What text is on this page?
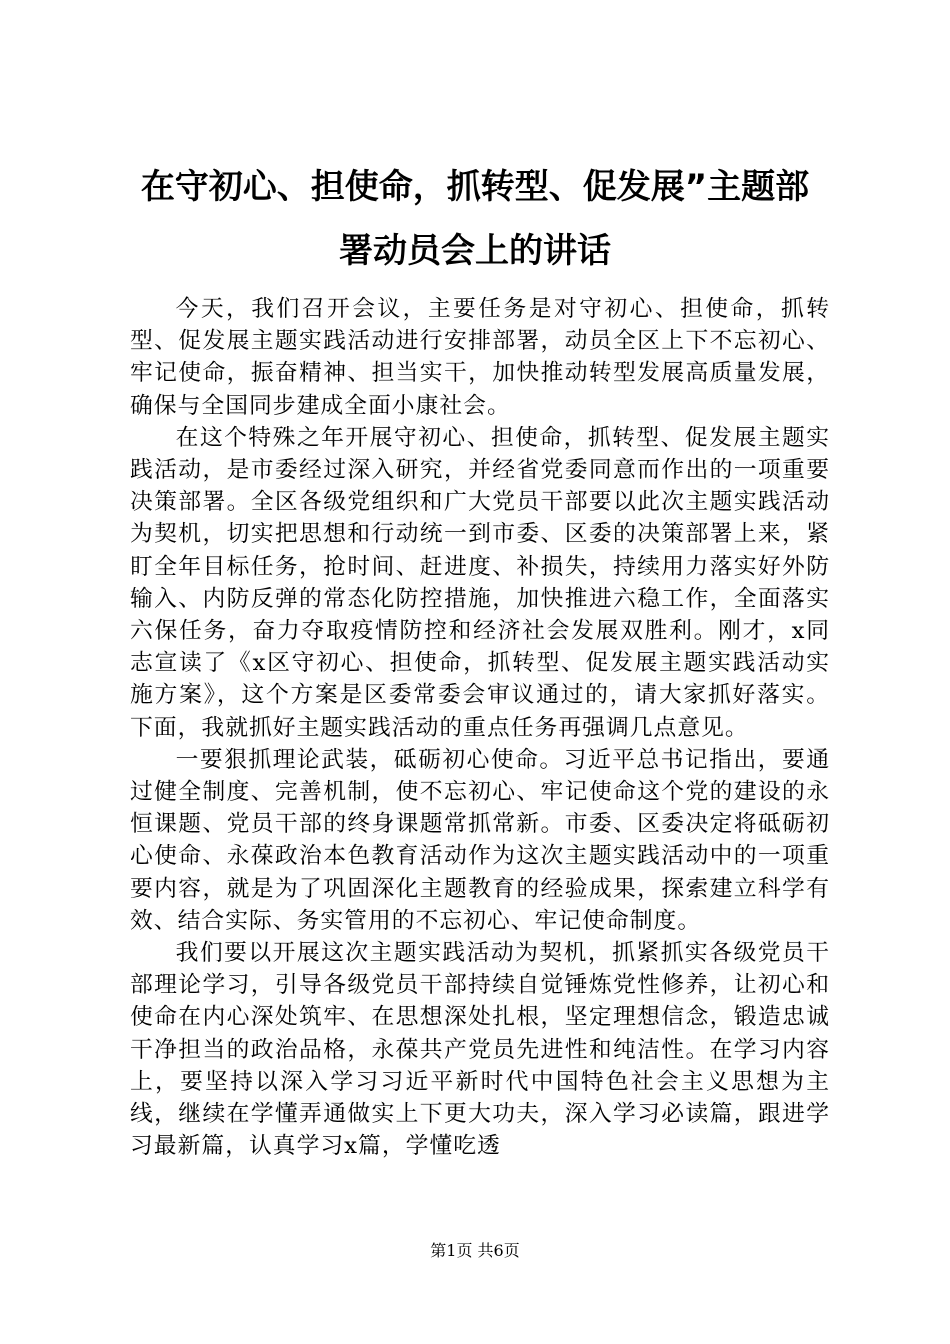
在守初心、担使命，抓转型、促发展”主题部
署动员会上的讲话

今天，我们召开会议，主要任务是对守初心、担使命，抓转型、促发展主题实践活动进行安排部署，动员全区上下不忘初心、牢记使命，振奋精神、担当实干，加快推动转型发展高质量发展，确保与全国同步建成全面小康社会。

在这个特殊之年开展守初心、担使命，抓转型、促发展主题实践活动，是市委经过深入研究，并经省党委同意而作出的一项重要决策部署。全区各级党组织和广大党员干部要以此次主题实践活动为契机，切实把思想和行动统一到市委、区委的决策部署上来，紧盯全年目标任务，抢时间、赶进度、补损失，持续用力落实好外防输入、内防反弹的常态化防控措施，加快推进六稳工作，全面落实六保任务，奋力夺取疫情防控和经济社会发展双胜利。刚才，x同志宣读了《x区守初心、担使命，抓转型、促发展主题实践活动实施方案》，这个方案是区委常委会审议通过的，请大家抓好落实。下面，我就抓好主题实践活动的重点任务再强调几点意见。

一要狠抓理论武装，砥砺初心使命。习近平总书记指出，要通过健全制度、完善机制，使不忘初心、牢记使命这个党的建设的永恒课题、党员干部的终身课题常抓常新。市委、区委决定将砥砺初心使命、永葆政治本色教育活动作为这次主题实践活动中的一项重要内容，就是为了巩固深化主题教育的经验成果，探索建立科学有效、结合实际、务实管用的不忘初心、牢记使命制度。

我们要以开展这次主题实践活动为契机，抓紧抓实各级党员干部理论学习，引导各级党员干部持续自觉锤炼党性修养，让初心和使命在内心深处筑牢、在思想深处扎根，坚定理想信念，锻造忠诚干净担当的政治品格，永葆共产党员先进性和纯洁性。在学习内容上，要坚持以深入学习习近平新时代中国特色社会主义思想为主线，继续在学懂弄通做实上下更大功夫，深入学习必读篇，跟进学习最新篇，认真学习x篇，学懂吃透

第1页 共6页
